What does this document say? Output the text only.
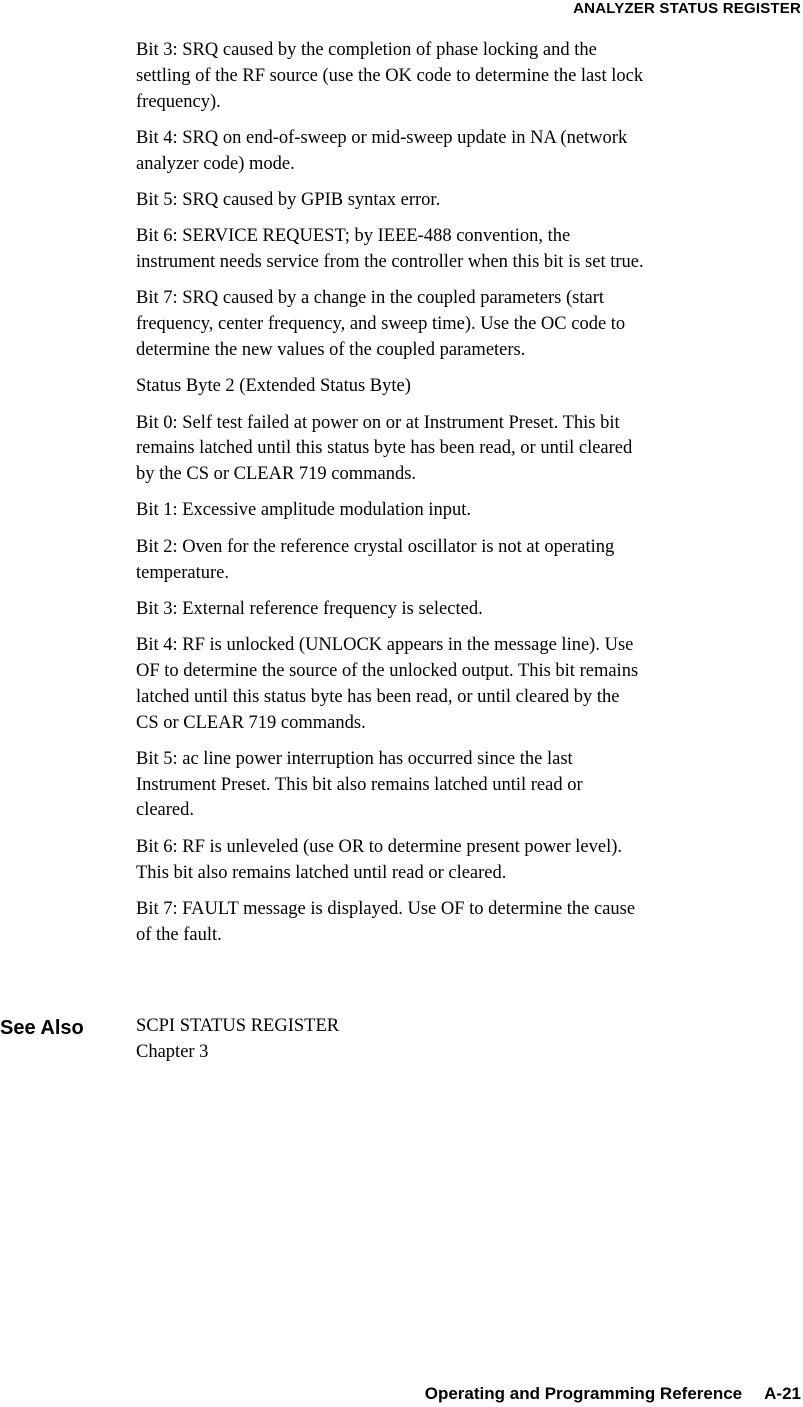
ANALYZER STATUS REGISTER

Bit 3: SRQ caused by the completion of phase locking and the
settling of the RF source (use the OK code to determine the last lock
frequency).

Bit 4: SRQ on end-of-sweep or mid-sweep update in NA (network
analyzer code) mode.

Bit 5: SRQ caused by GPIB syntax error.

Bit 6: SERVICE REQUEST; by IEEE-488 convention, the
instrument needs service from the controller when this bit is set true.

Bit 7: SRQ caused by a change in the coupled parameters (start
frequency, center frequency, and sweep time). Use the OC code to
determine the new values of the coupled parameters.

Status Byte 2 (Extended Status Byte)

Bit 0: Self test failed at power on or at Instrument Preset. This bit
remains latched until this status byte has been read, or until cleared
by the CS or CLEAR 719 commands.

Bit 1: Excessive amplitude modulation input.

Bit 2: Oven for the reference crystal oscillator is not at operating
temperature.

Bit 3: External reference frequency is selected.

Bit 4: RF is unlocked (UNLOCK appears in the message line). Use
OF to determine the source of the unlocked output. This bit remains
latched until this status byte has been read, or until cleared by the
CS or CLEAR 719 commands.

Bit 5: ac line power interruption has occurred since the last
Instrument Preset. This bit also remains latched until read or
cleared.

Bit 6: RF is unleveled (use OR to determine present power level).
This bit also remains latched until read or cleared.

Bit 7: FAULT message is displayed. Use OF to determine the cause
of the fault.

See Also	SCPI STATUS REGISTER
Chapter 3
Operating and Programming Reference A-21
